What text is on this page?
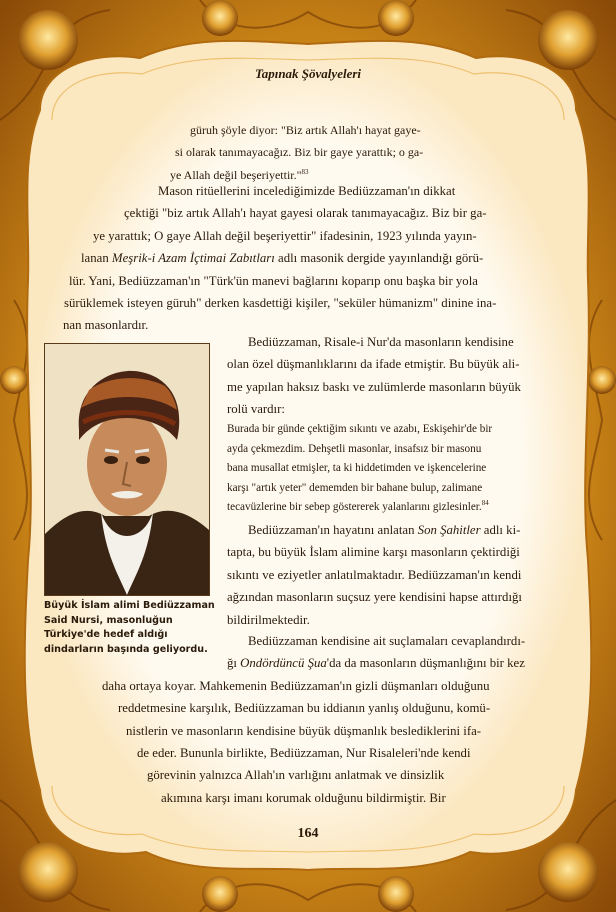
Tapınak Şövalyeleri
güruh şöyle diyor: "Biz artık Allah'ı hayat gaye-
si olarak tanımayacağız. Biz bir gaye yarattık; o ga-
ye Allah değil beşeriyettir."$^{83}$
Mason ritüellerini incelediğimizde Bediüzzaman'ın dikkat
çektiği "biz artık Allah'ı hayat gayesi olarak tanımayacağız. Biz bir ga-
ye yarattık; O gaye Allah değil beşeriyettir" ifadesinin, 1923 yılında yayın-
lanan Meşrik-i Azam İçtimai Zabıtları adlı masonik dergide yayınlandığı görü-
lür. Yani, Bediüzzaman'ın "Türk'ün manevi bağlarını koparıp onu başka bir yola
sürüklemek isteyen güruh" derken kasdettiği kişiler, "seküler hümanizm" dinine ina-
nan masonlardır.
Büyük İslam alimi Bediüzzaman
Said Nursi, masonluğun
Türkiye'de hedef aldığı
dindarların başında geliyordu.
Bediüzzaman, Risale-i Nur'da masonların kendisine
olan özel düşmanlıklarını da ifade etmiştir. Bu büyük ali-
me yapılan haksız baskı ve zulümlerde masonların büyük
rolü vardır:
Burada bir günde çektiğim sıkıntı ve azabı, Eskişehir'de bir
ayda çekmezdim. Dehşetli masonlar, insafsız bir masonu
bana musallat etmişler, ta ki hiddetimden ve işkencelerine
karşı "artık yeter" dememden bir bahane bulup, zalimane
tecavüzlerine bir sebep göstererek yalanlarını gizlesinler.$^{84}$
Bediüzzaman'ın hayatını anlatan Son Şahitler adlı ki-
tapta, bu büyük İslam alimine karşı masonların çektirdiği
sıkıntı ve eziyetler anlatılmaktadır. Bediüzzaman'ın kendi
ağzından masonların suçsuz yere kendisini hapse attırdığı
bildirilmektedir.
Bediüzzaman kendisine ait suçlamaları cevaplandırdı-
ğı Ondördüncü Şua'da da masonların düşmanlığını bir kez
daha ortaya koyar. Mahkemenin Bediüzzaman'ın gizli düşmanları olduğunu
reddetmesine karşılık, Bediüzzaman bu iddianın yanlış olduğunu, komü-
nistlerin ve masonların kendisine büyük düşmanlık beslediklerini ifa-
de eder. Bununla birlikte, Bediüzzaman, Nur Risaleleri'nde kendi
görevinin yalnızca Allah'ın varlığını anlatmak ve dinsizlik
akımına karşı imanı korumak olduğunu bildirmiştir. Bir
164
